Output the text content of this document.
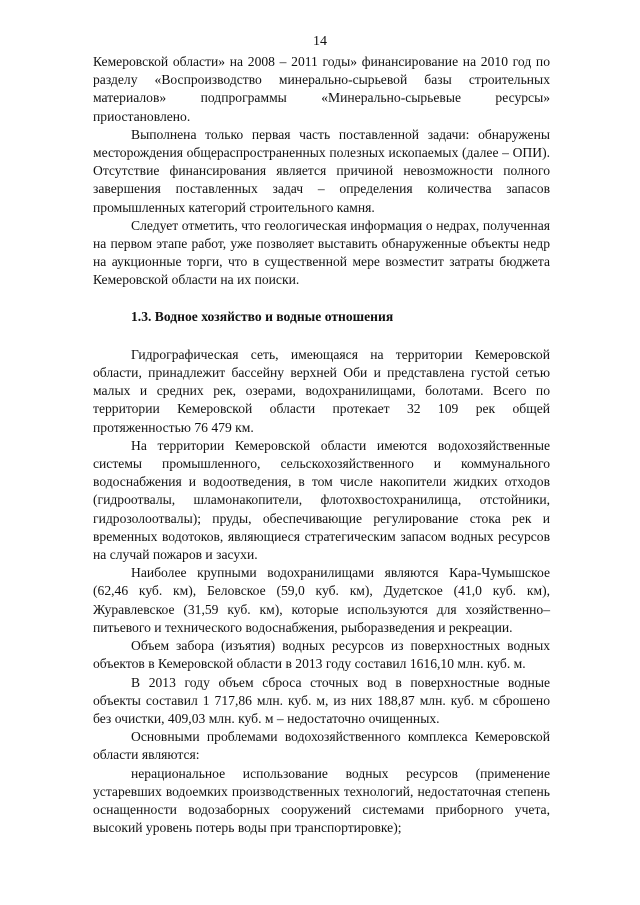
14

Кемеровской области» на 2008 – 2011 годы» финансирование на 2010 год по разделу «Воспроизводство минерально-сырьевой базы строительных материалов» подпрограммы «Минерально-сырьевые ресурсы» приостановлено.

Выполнена только первая часть поставленной задачи: обнаружены месторождения общераспространенных полезных ископаемых (далее – ОПИ). Отсутствие финансирования является причиной невозможности полного завершения поставленных задач – определения количества запасов промышленных категорий строительного камня.

Следует отметить, что геологическая информация о недрах, полученная на первом этапе работ, уже позволяет выставить обнаруженные объекты недр на аукционные торги, что в существенной мере возместит затраты бюджета Кемеровской области на их поиски.

1.3. Водное хозяйство и водные отношения

Гидрографическая сеть, имеющаяся на территории Кемеровской области, принадлежит бассейну верхней Оби и представлена густой сетью малых и средних рек, озерами, водохранилищами, болотами. Всего по территории Кемеровской области протекает 32 109 рек общей протяженностью 76 479 км.

На территории Кемеровской области имеются водохозяйственные системы промышленного, сельскохозяйственного и коммунального водоснабжения и водоотведения, в том числе накопители жидких отходов (гидроотвалы, шламонакопители, флотохвостохранилища, отстойники, гидрозолоотвалы); пруды, обеспечивающие регулирование стока рек и временных водотоков, являющиеся стратегическим запасом водных ресурсов на случай пожаров и засухи.

Наиболее крупными водохранилищами являются Кара-Чумышское (62,46 куб. км), Беловское (59,0 куб. км), Дудетское (41,0 куб. км), Журавлевское (31,59 куб. км), которые используются для хозяйственно–питьевого и технического водоснабжения, рыборазведения и рекреации.

Объем забора (изъятия) водных ресурсов из поверхностных водных объектов в Кемеровской области в 2013 году составил 1616,10 млн. куб. м.

В 2013 году объем сброса сточных вод в поверхностные водные объекты составил 1 717,86 млн. куб. м, из них 188,87 млн. куб. м сброшено без очистки, 409,03 млн. куб. м – недостаточно очищенных.

Основными проблемами водохозяйственного комплекса Кемеровской области являются:

нерациональное использование водных ресурсов (применение устаревших водоемких производственных технологий, недостаточная степень оснащенности водозаборных сооружений системами приборного учета, высокий уровень потерь воды при транспортировке);
